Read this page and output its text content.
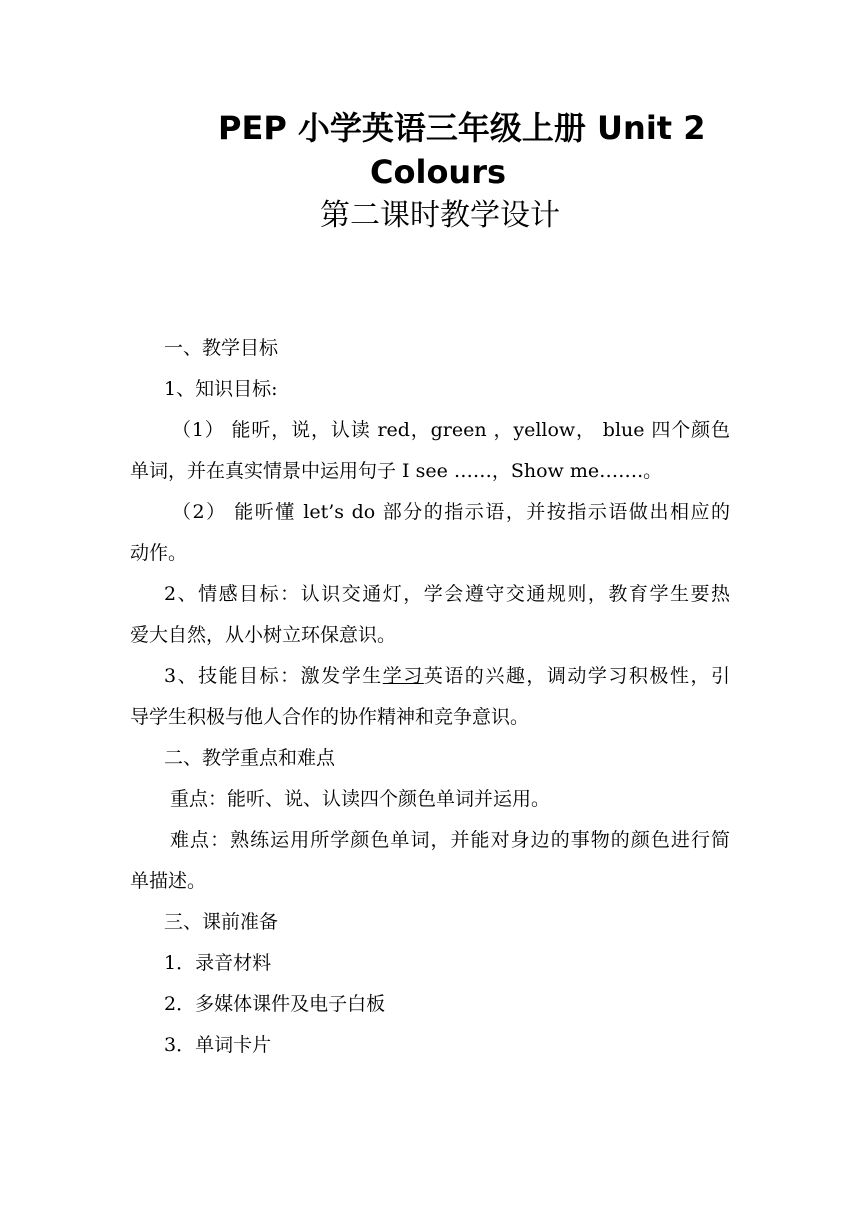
PEP 小学英语三年级上册 Unit 2
Colours
第二课时教学设计

一、教学目标

1、知识目标:

（1） 能听，说，认读 red，green ，yellow， blue 四个颜色

单词，并在真实情景中运用句子 I see ……，Show me…….。

（2） 能听懂 let’s do 部分的指示语，并按指示语做出相应的

动作。

2、情感目标：认识交通灯，学会遵守交通规则，教育学生要热

爱大自然，从小树立环保意识。

3、技能目标：激发学生学习英语的兴趣，调动学习积极性，引

导学生积极与他人合作的协作精神和竞争意识。

二、教学重点和难点

重点：能听、说、认读四个颜色单词并运用。

难点：熟练运用所学颜色单词，并能对身边的事物的颜色进行简

单描述。

三、课前准备

1．录音材料

2．多媒体课件及电子白板

3．单词卡片
